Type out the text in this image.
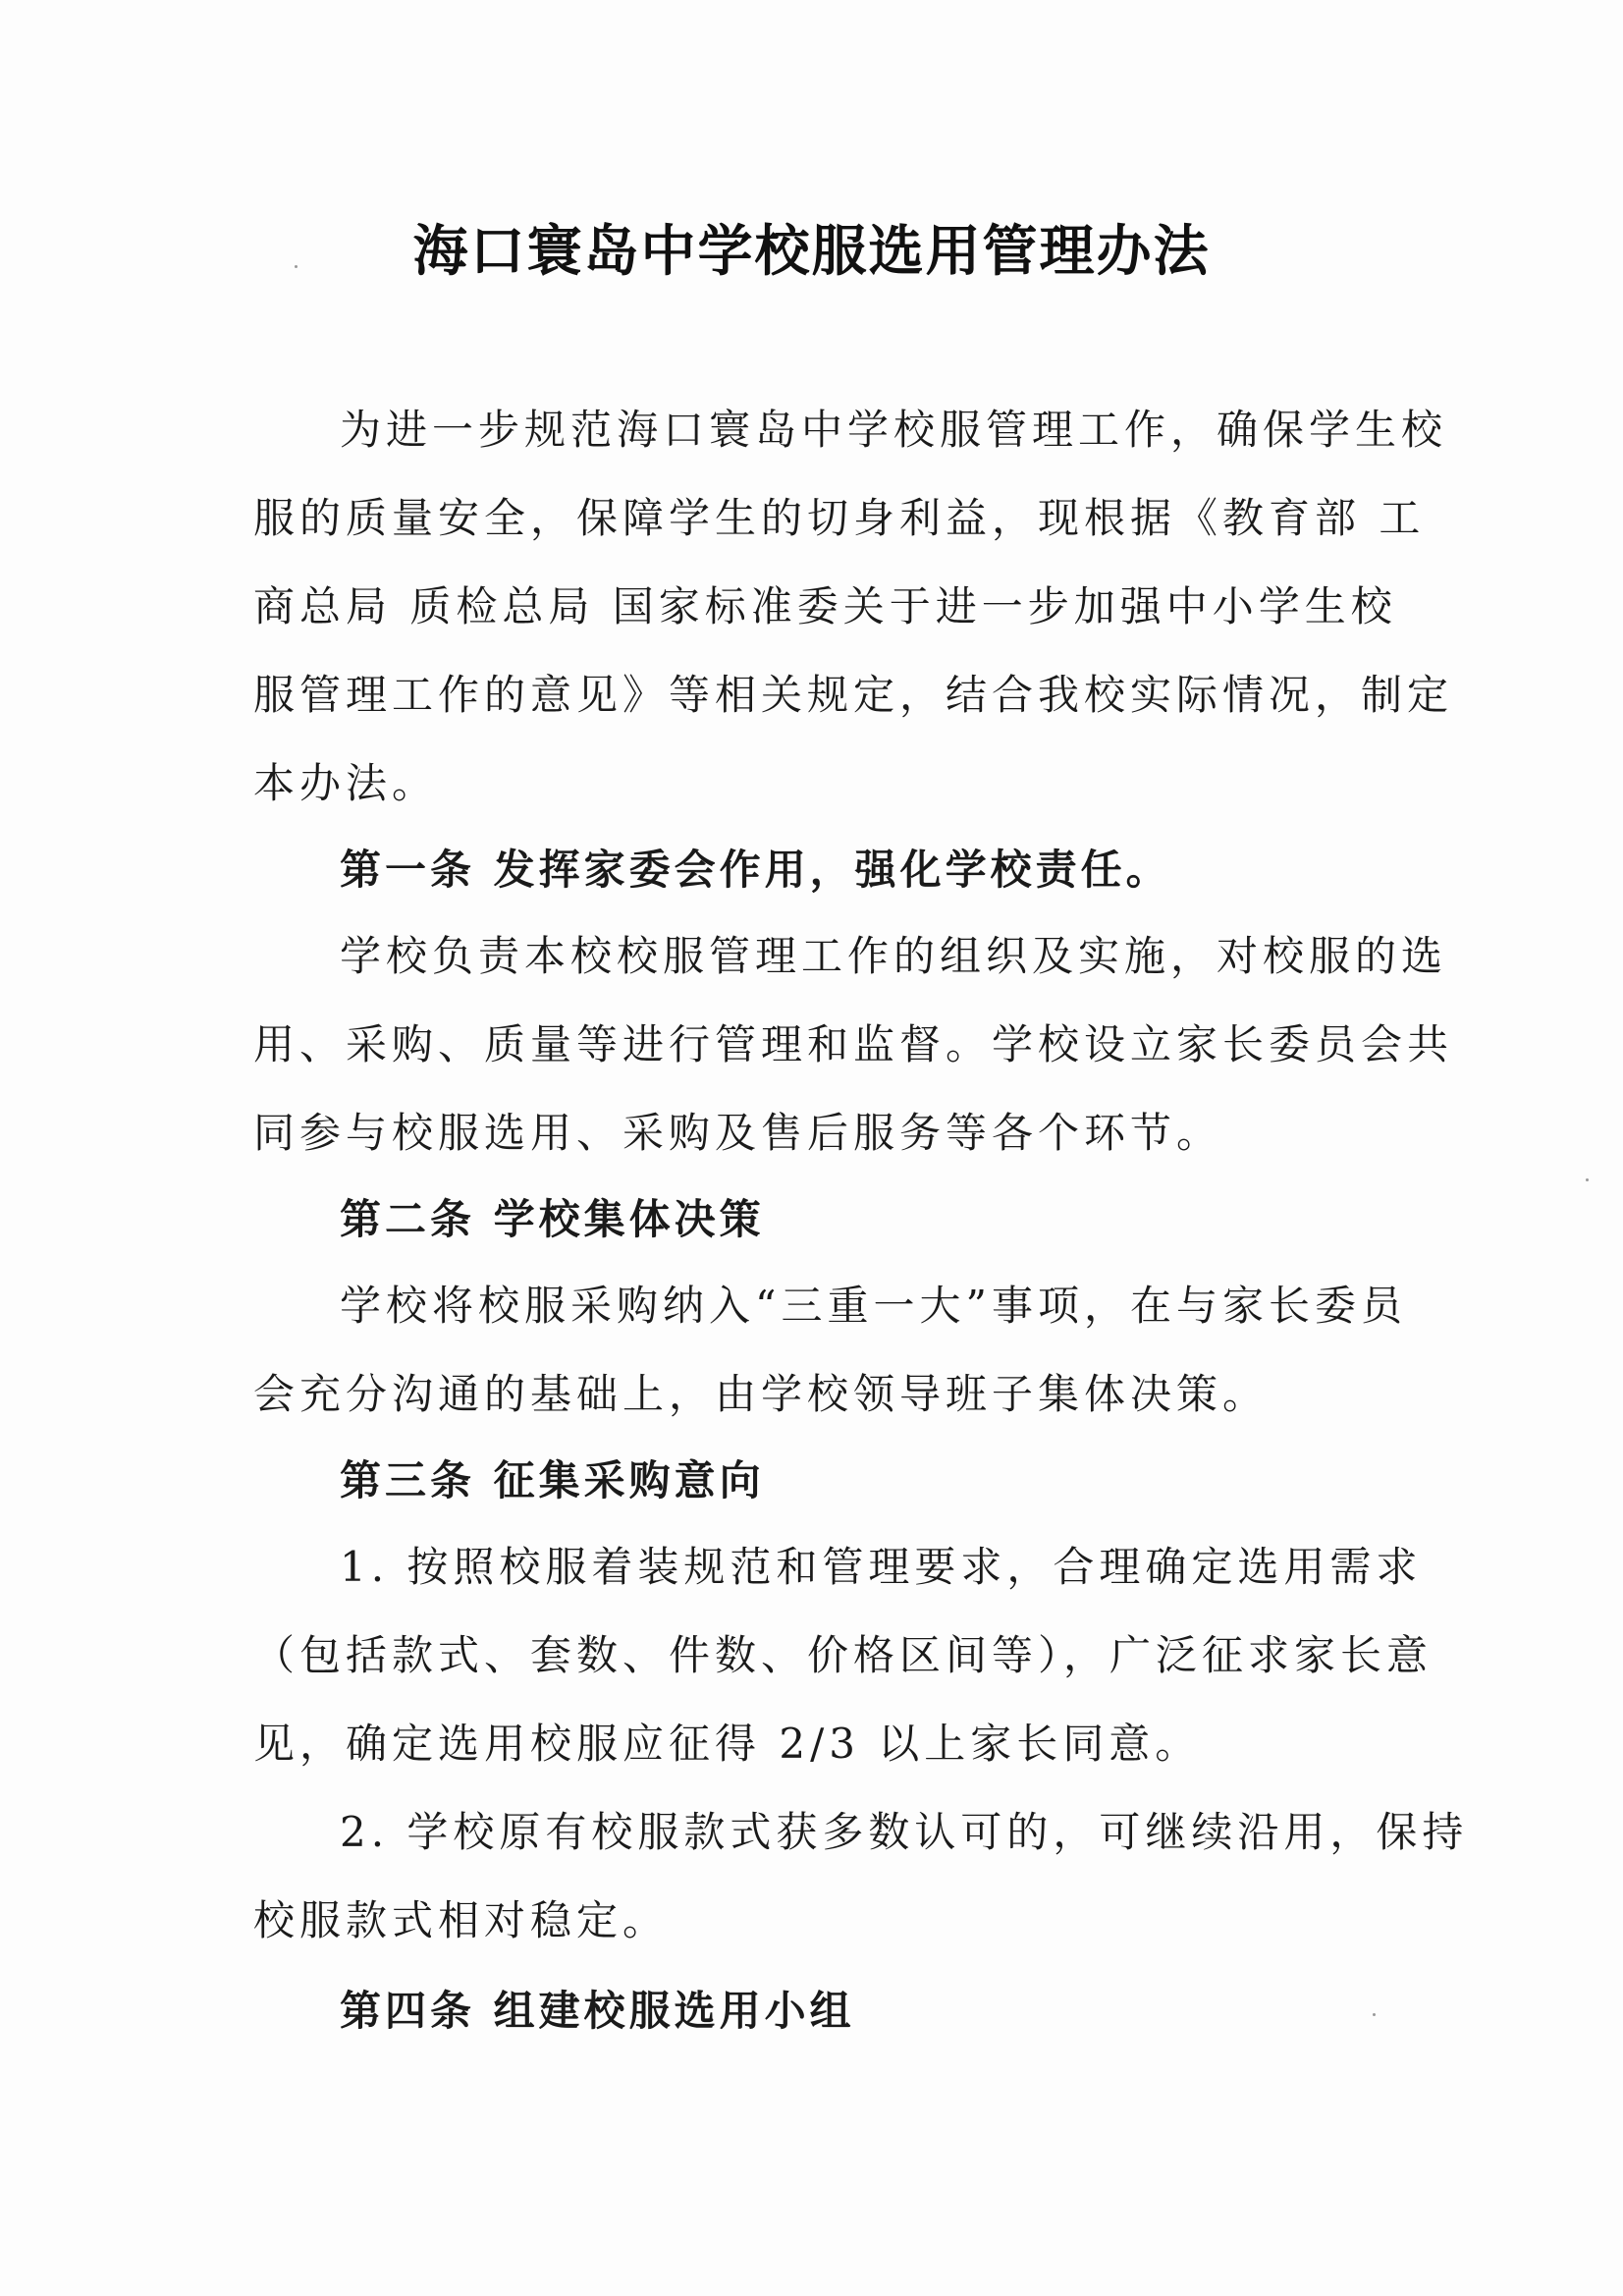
海口寰岛中学校服选用管理办法
为进一步规范海口寰岛中学校服管理工作，确保学生校
服的质量安全，保障学生的切身利益，现根据《教育部 工
商总局 质检总局 国家标准委关于进一步加强中小学生校
服管理工作的意见》等相关规定，结合我校实际情况，制定
本办法。
第一条 发挥家委会作用，强化学校责任。
学校负责本校校服管理工作的组织及实施，对校服的选
用、采购、质量等进行管理和监督。学校设立家长委员会共
同参与校服选用、采购及售后服务等各个环节。
第二条 学校集体决策
学校将校服采购纳入“三重一大”事项，在与家长委员
会充分沟通的基础上，由学校领导班子集体决策。
第三条 征集采购意向
1. 按照校服着装规范和管理要求，合理确定选用需求
（包括款式、套数、件数、价格区间等），广泛征求家长意
见，确定选用校服应征得 2/3 以上家长同意。
2. 学校原有校服款式获多数认可的，可继续沿用，保持
校服款式相对稳定。
第四条 组建校服选用小组
